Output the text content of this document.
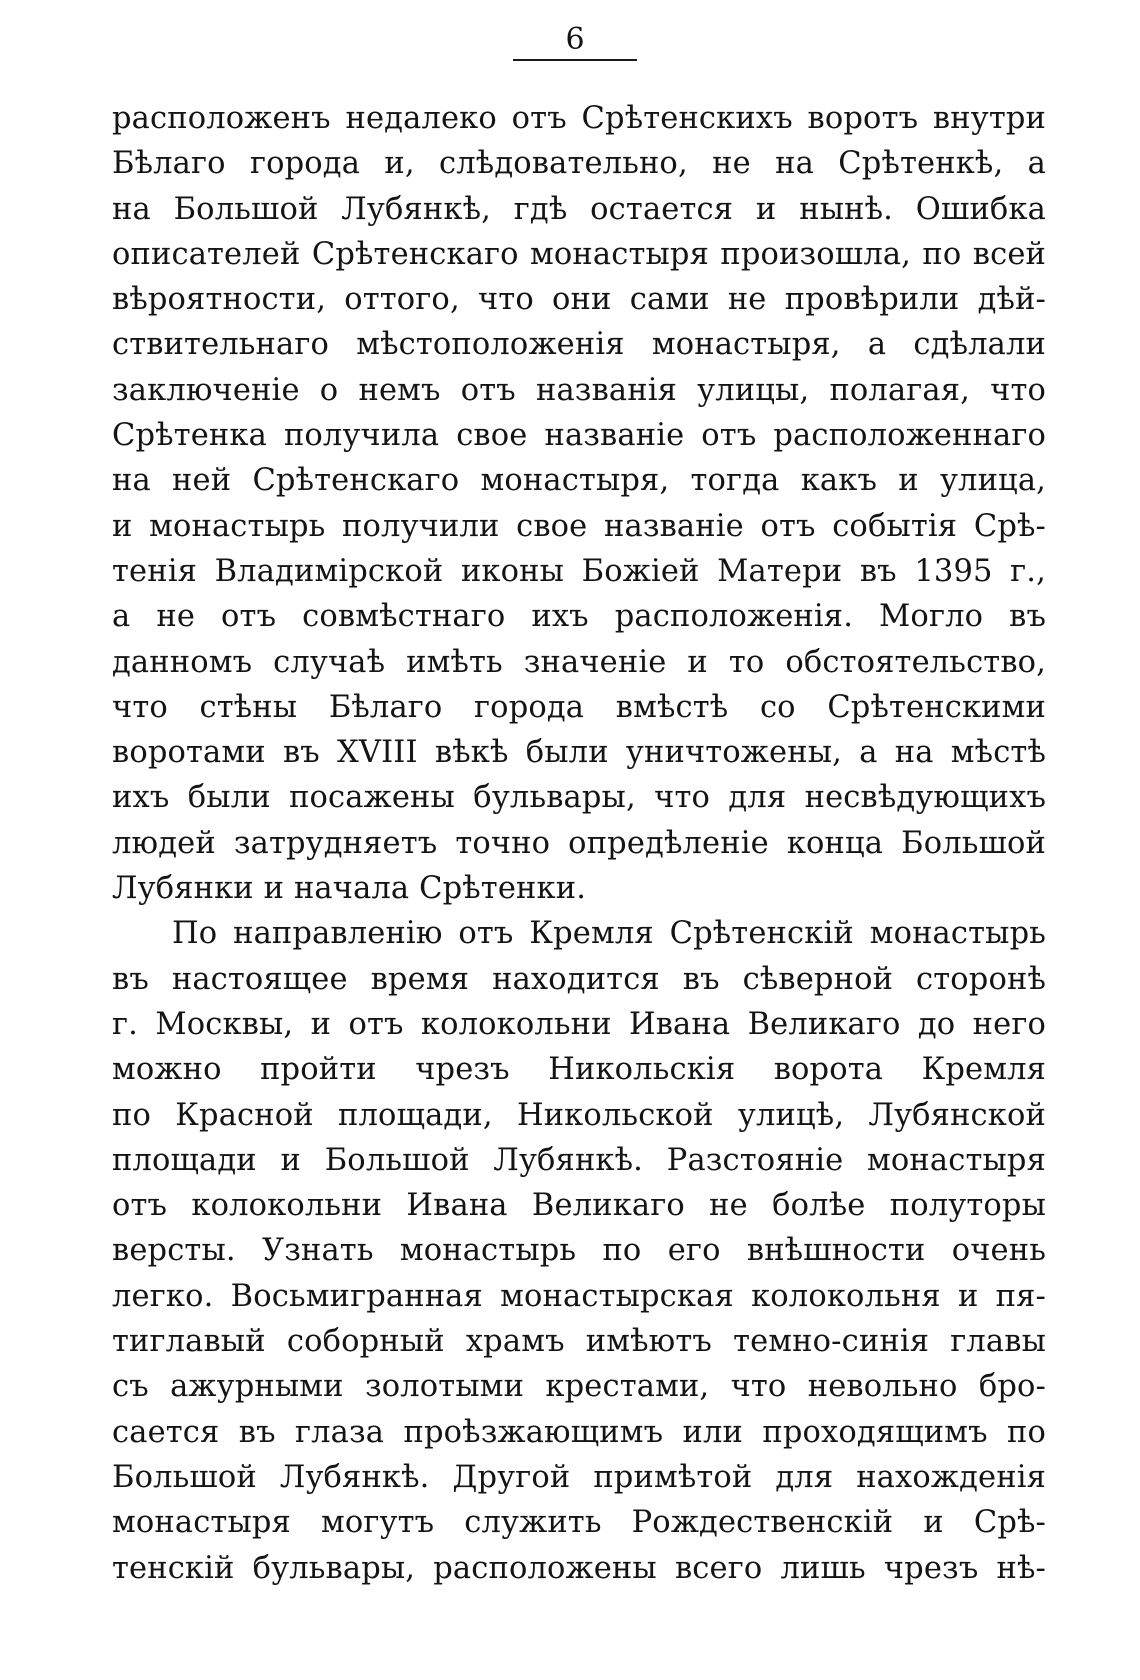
6
расположенъ недалеко отъ Срѣтенскихъ воротъ внутри
Бѣлаго города и, слѣдовательно, не на Срѣтенкѣ, а
на Большой Лубянкѣ, гдѣ остается и нынѣ. Ошибка
описателей Срѣтенскаго монастыря произошла, по всей
вѣроятности, оттого, что они сами не провѣрили дѣй-
ствительнаго мѣстоположенія монастыря, а сдѣлали
заключеніе о немъ отъ названія улицы, полагая, что
Срѣтенка получила свое названіе отъ расположеннаго
на ней Срѣтенскаго монастыря, тогда какъ и улица,
и монастырь получили свое названіе отъ событія Срѣ-
тенія Владимірской иконы Божіей Матери въ 1395 г.,
а не отъ совмѣстнаго ихъ расположенія. Могло въ
данномъ случаѣ имѣть значеніе и то обстоятельство,
что стѣны Бѣлаго города вмѣстѣ со Срѣтенскими
воротами въ XVIII вѣкѣ были уничтожены, а на мѣстѣ
ихъ были посажены бульвары, что для несвѣдующихъ
людей затрудняетъ точно опредѣленіе конца Большой
Лубянки и начала Срѣтенки.
По направленію отъ Кремля Срѣтенскій монастырь
въ настоящее время находится въ сѣверной сторонѣ
г. Москвы, и отъ колокольни Ивана Великаго до него
можно пройти чрезъ Никольскія ворота Кремля
по Красной площади, Никольской улицѣ, Лубянской
площади и Большой Лубянкѣ. Разстояніе монастыря
отъ колокольни Ивана Великаго не болѣе полуторы
версты. Узнать монастырь по его внѣшности очень
легко. Восьмигранная монастырская колокольня и пя-
тиглавый соборный храмъ имѣютъ темно-синія главы
съ ажурными золотыми крестами, что невольно бро-
сается въ глаза проѣзжающимъ или проходящимъ по
Большой Лубянкѣ. Другой примѣтой для нахожденія
монастыря могутъ служить Рождественскій и Срѣ-
тенскій бульвары, расположены всего лишь чрезъ нѣ-
